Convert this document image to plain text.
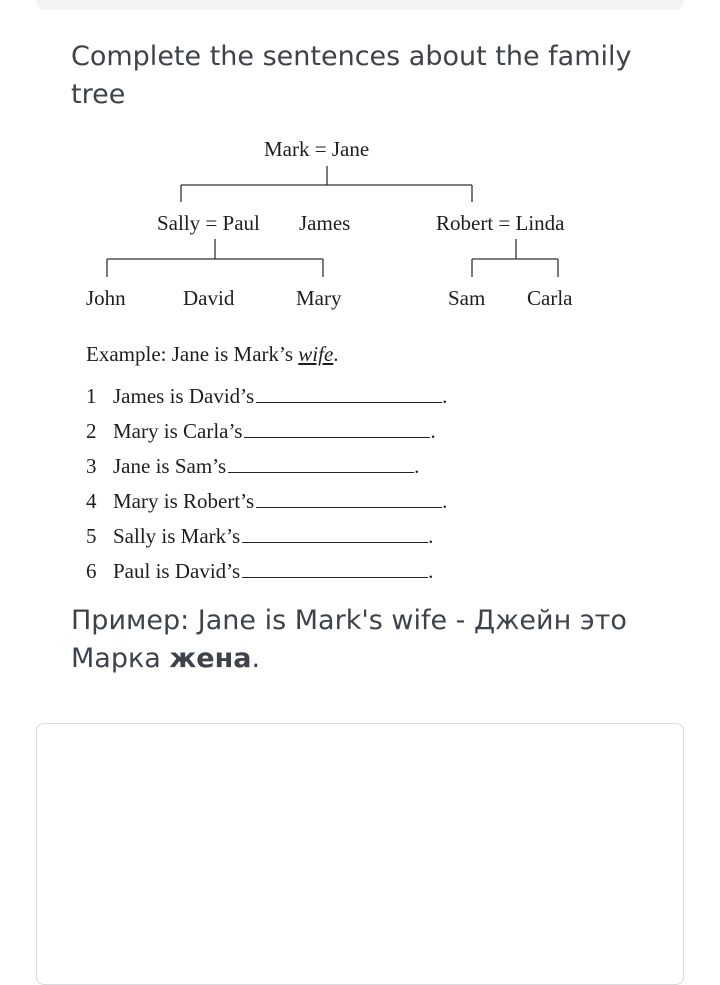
Complete the sentences about the family tree
Mark = Jane
Sally = Paul James	Robert = Linda
John	David	Mary	Sam Carla
Example: Jane is Mark’s wife.
1 James is David’s	.
2 Mary is Carla’s	.
3 Jane is Sam’s	.
4 Mary is Robert’s	.
5 Sally is Mark’s	.
6 Paul is David’s	.

Пример: Jane is Mark's wife - Джейн это Марка жена.
